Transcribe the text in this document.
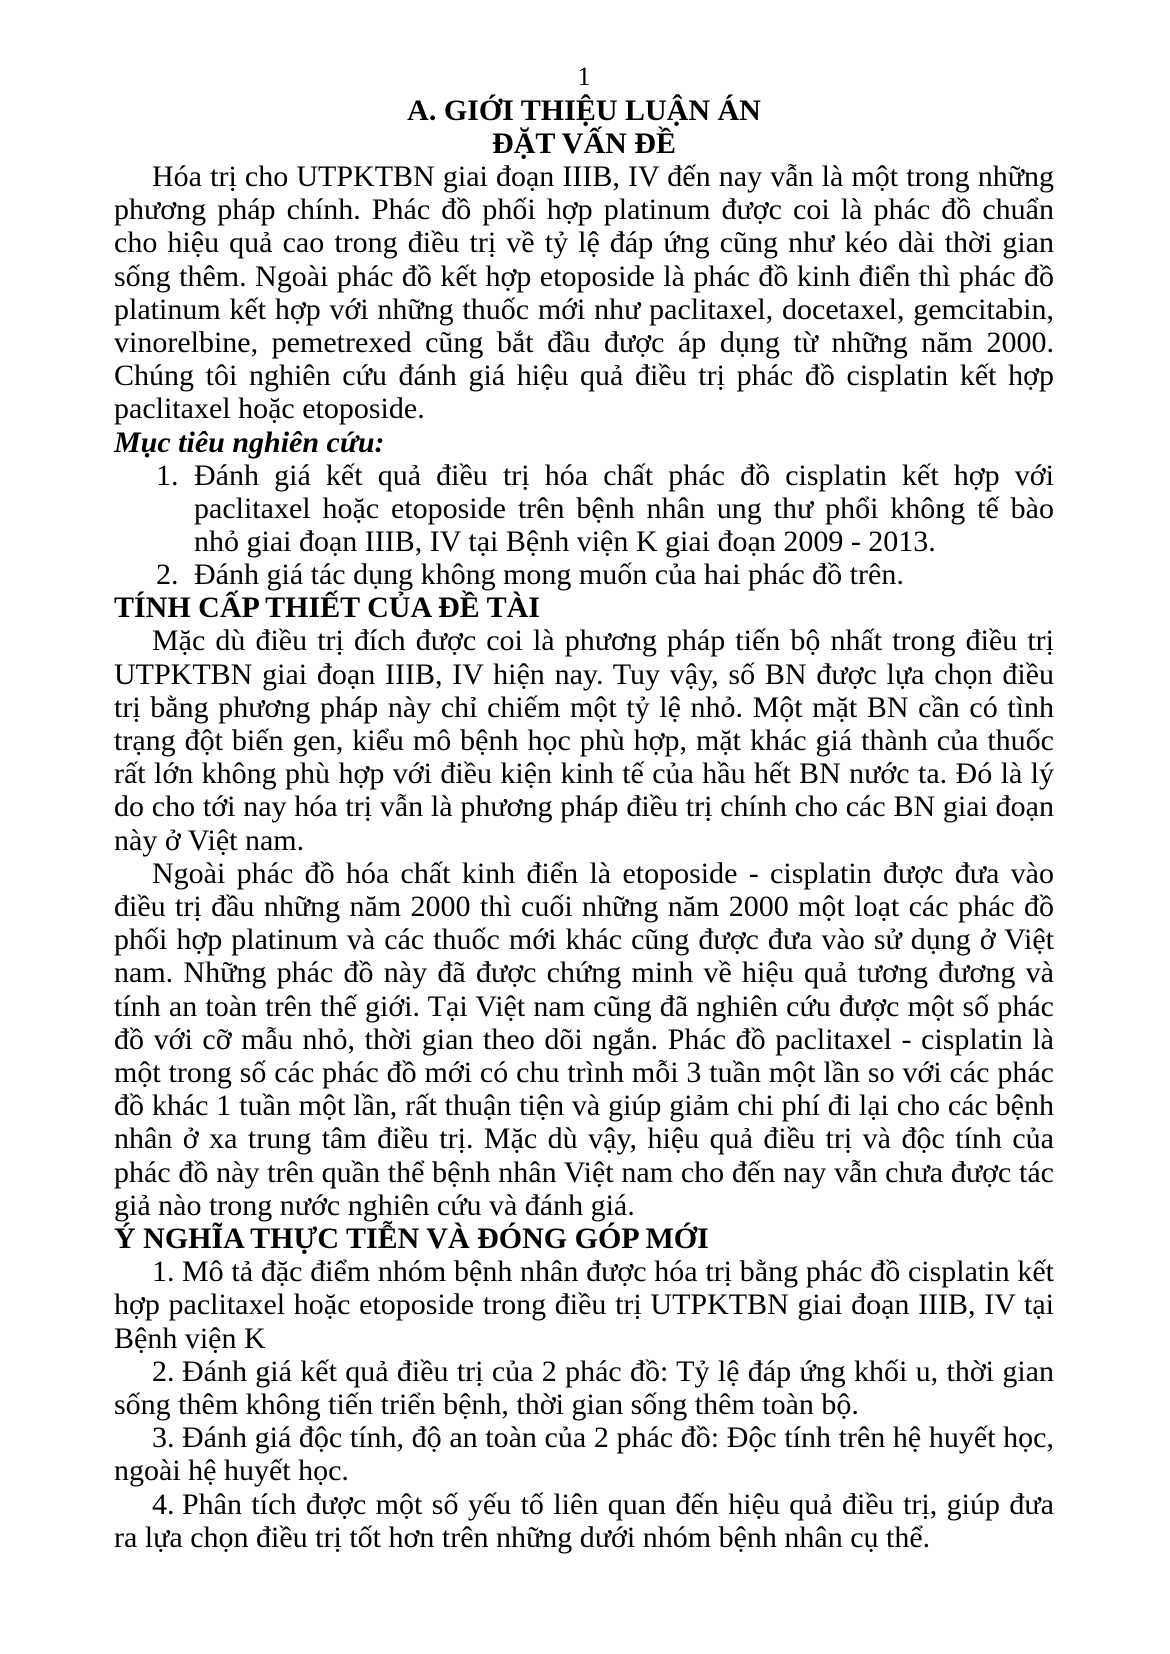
1
A. GIỚI THIỆU LUẬN ÁN
ĐẶT VẤN ĐỀ

Hóa trị cho UTPKTBN giai đoạn IIIB, IV đến nay vẫn là một trong những phương pháp chính. Phác đồ phối hợp platinum được coi là phác đồ chuẩn cho hiệu quả cao trong điều trị về tỷ lệ đáp ứng cũng như kéo dài thời gian sống thêm. Ngoài phác đồ kết hợp etoposide là phác đồ kinh điển thì phác đồ platinum kết hợp với những thuốc mới như paclitaxel, docetaxel, gemcitabin, vinorelbine, pemetrexed cũng bắt đầu được áp dụng từ những năm 2000. Chúng tôi nghiên cứu đánh giá hiệu quả điều trị phác đồ cisplatin kết hợp paclitaxel hoặc etoposide.

Mục tiêu nghiên cứu:
1. Đánh giá kết quả điều trị hóa chất phác đồ cisplatin kết hợp với paclitaxel hoặc etoposide trên bệnh nhân ung thư phổi không tế bào nhỏ giai đoạn IIIB, IV tại Bệnh viện K giai đoạn 2009 - 2013.
2. Đánh giá tác dụng không mong muốn của hai phác đồ trên.
TÍNH CẤP THIẾT CỦA ĐỀ TÀI

Mặc dù điều trị đích được coi là phương pháp tiến bộ nhất trong điều trị UTPKTBN giai đoạn IIIB, IV hiện nay. Tuy vậy, số BN được lựa chọn điều trị bằng phương pháp này chỉ chiếm một tỷ lệ nhỏ. Một mặt BN cần có tình trạng đột biến gen, kiểu mô bệnh học phù hợp, mặt khác giá thành của thuốc rất lớn không phù hợp với điều kiện kinh tế của hầu hết BN nước ta. Đó là lý do cho tới nay hóa trị vẫn là phương pháp điều trị chính cho các BN giai đoạn này ở Việt nam.

Ngoài phác đồ hóa chất kinh điển là etoposide - cisplatin được đưa vào điều trị đầu những năm 2000 thì cuối những năm 2000 một loạt các phác đồ phối hợp platinum và các thuốc mới khác cũng được đưa vào sử dụng ở Việt nam. Những phác đồ này đã được chứng minh về hiệu quả tương đương và tính an toàn trên thế giới. Tại Việt nam cũng đã nghiên cứu được một số phác đồ với cỡ mẫu nhỏ, thời gian theo dõi ngắn. Phác đồ paclitaxel - cisplatin là một trong số các phác đồ mới có chu trình mỗi 3 tuần một lần so với các phác đồ khác 1 tuần một lần, rất thuận tiện và giúp giảm chi phí đi lại cho các bệnh nhân ở xa trung tâm điều trị. Mặc dù vậy, hiệu quả điều trị và độc tính của phác đồ này trên quần thể bệnh nhân Việt nam cho đến nay vẫn chưa được tác giả nào trong nước nghiên cứu và đánh giá.

Ý NGHĨA THỰC TIỄN VÀ ĐÓNG GÓP MỚI
1. Mô tả đặc điểm nhóm bệnh nhân được hóa trị bằng phác đồ cisplatin kết hợp paclitaxel hoặc etoposide trong điều trị UTPKTBN giai đoạn IIIB, IV tại Bệnh viện K
2. Đánh giá kết quả điều trị của 2 phác đồ: Tỷ lệ đáp ứng khối u, thời gian sống thêm không tiến triển bệnh, thời gian sống thêm toàn bộ.
3. Đánh giá độc tính, độ an toàn của 2 phác đồ: Độc tính trên hệ huyết học, ngoài hệ huyết học.
4. Phân tích được một số yếu tố liên quan đến hiệu quả điều trị, giúp đưa ra lựa chọn điều trị tốt hơn trên những dưới nhóm bệnh nhân cụ thể.
